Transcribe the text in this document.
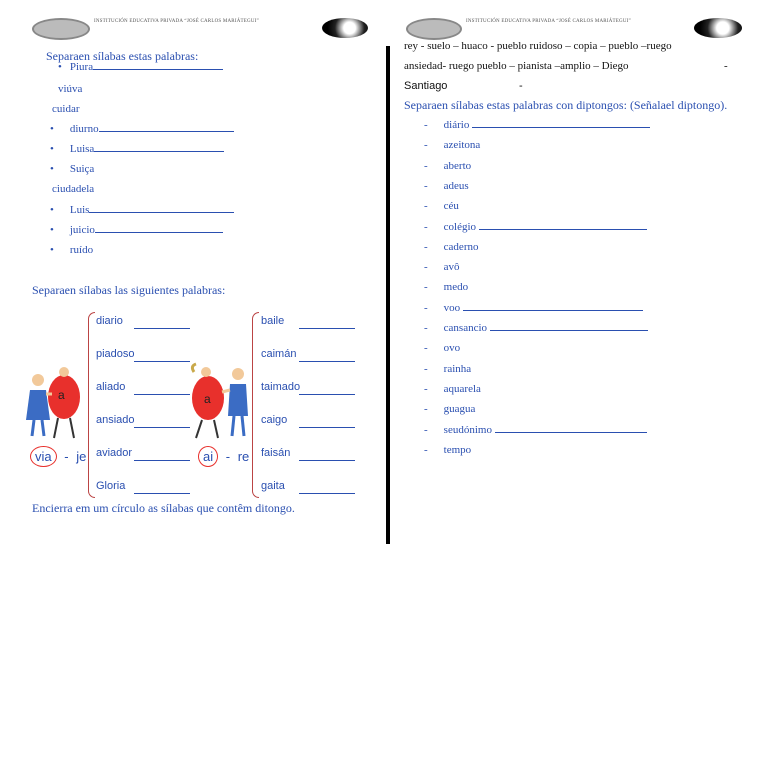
INSTITUCIÓN EDUCATIVA PRIVADA “JOSÉ CARLOS MARIÁTEGUI”	INSTITUCIÓN EDUCATIVA PRIVADA “JOSÉ CARLOS MARIÁTEGUI”
Separaen sílabas estas palabras:
• Piura
viúva
cuidar
• diurno
• Luisa
• Suiça
ciudadela
• Luis
• juicio
• ruído
Separaen sílabas las siguientes palabras:
diario
piadoso
aliado
ansiado
aviador
Gloria
baile
caimán
taimado
caigo
faisán
gaita
a	a
via - je	ai - re
Encierra em um círculo as sílabas que contêm ditongo.
rey - suelo – huaco - pueblo ruidoso – copia – pueblo –ruego
ansiedad- ruego pueblo – pianista –amplio – Diego	-
Santiago	-
Separaen sílabas estas palabras con diptongos: (Señalael diptongo).
- diário
- azeitona
- aberto
- adeus
- céu
- colégio
- caderno
- avô
- medo
- voo
- cansancio
- ovo
- rainha
- aquarela
- guagua
- seudónimo
- tempo
